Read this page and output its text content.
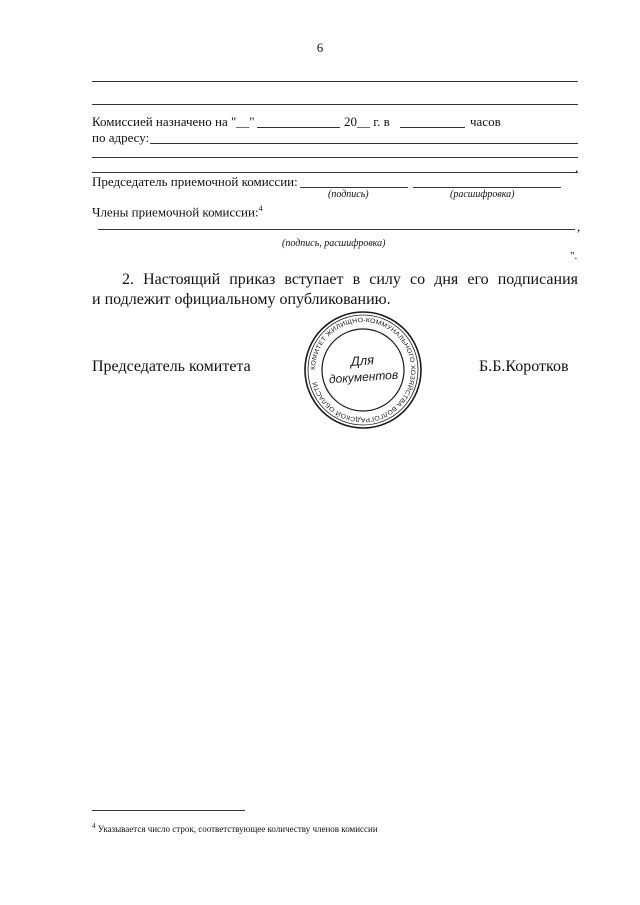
6
Комиссией назначено на "__"	20__ г. в	часов
по адресу:
.
Председатель приемочной комиссии:
(подпись)	(расшифровка)
Члены приемочной комиссии:$^4$
,
(подпись, расшифровка)
".
2. Настоящий приказ вступает в силу со дня его подписания
и подлежит официальному опубликованию.
Председатель комитета	Б.Б.Коротков
КОМИТЕТ ЖИЛИЩНО-КОММУНАЛЬНОГО ХОЗЯЙСТВА ВОЛГОГРАДСКОЙ ОБЛАСТИ
Для
документов
$^4$ Указывается число строк, соответствующее количеству членов комиссии
